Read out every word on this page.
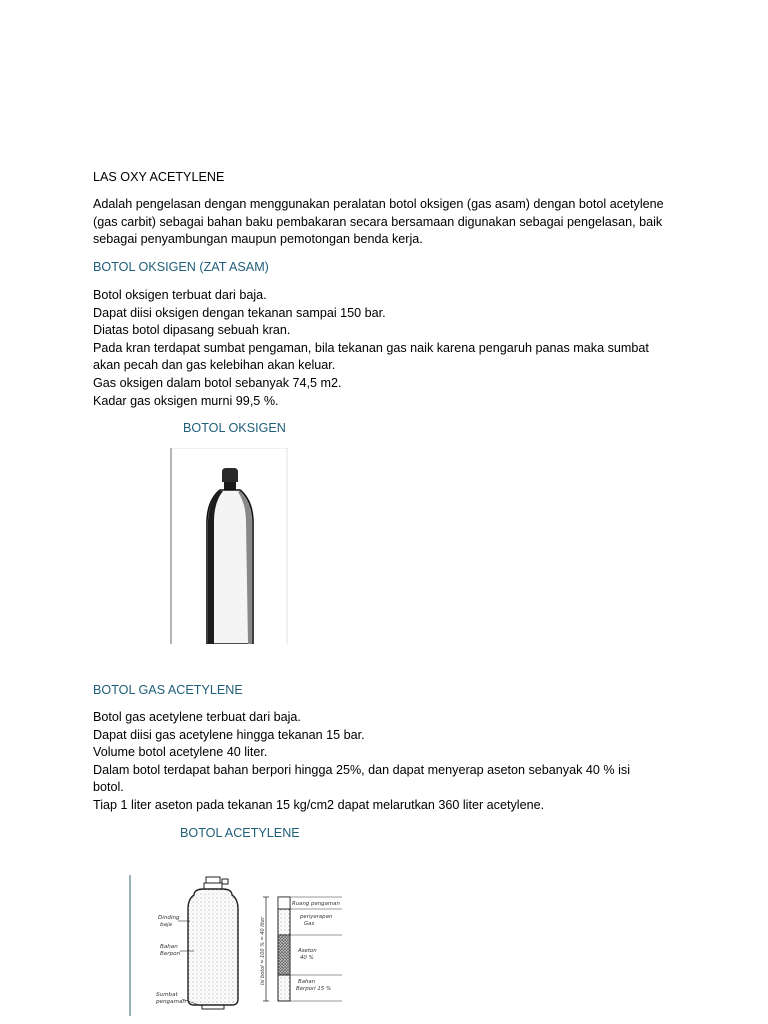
LAS OXY ACETYLENE
Adalah pengelasan dengan menggunakan peralatan botol oksigen (gas asam) dengan botol acetylene
(gas carbit) sebagai bahan baku pembakaran secara bersamaan digunakan sebagai pengelasan, baik
sebagai penyambungan maupun pemotongan benda kerja.
BOTOL OKSIGEN (ZAT ASAM)
Botol oksigen terbuat dari baja.
Dapat diisi oksigen dengan tekanan sampai 150 bar.
Diatas botol dipasang sebuah kran.
Pada kran terdapat sumbat pengaman, bila tekanan gas naik karena pengaruh panas maka sumbat
akan pecah dan gas kelebihan akan keluar.
Gas oksigen dalam botol sebanyak 74,5 m2.
Kadar gas oksigen murni 99,5 %.
BOTOL OKSIGEN
BOTOL GAS ACETYLENE
Botol gas acetylene terbuat dari baja.
Dapat diisi gas acetylene hingga tekanan 15 bar.
Volume botol acetylene 40 liter.
Dalam botol terdapat bahan berpori hingga 25%, dan dapat menyerap aseton sebanyak 40 % isi
botol.
Tiap 1 liter aseton pada tekanan 15 kg/cm2 dapat melarutkan 360 liter acetylene.
BOTOL ACETYLENE
Dinding
baja
Bahan
Berpori
Sumbat
pengaman
Isi botol = 100 % = 40 liter
Ruang pengaman
penyerapan
Gas
Aseton
40 %
Bahan
Berpori 15 %
